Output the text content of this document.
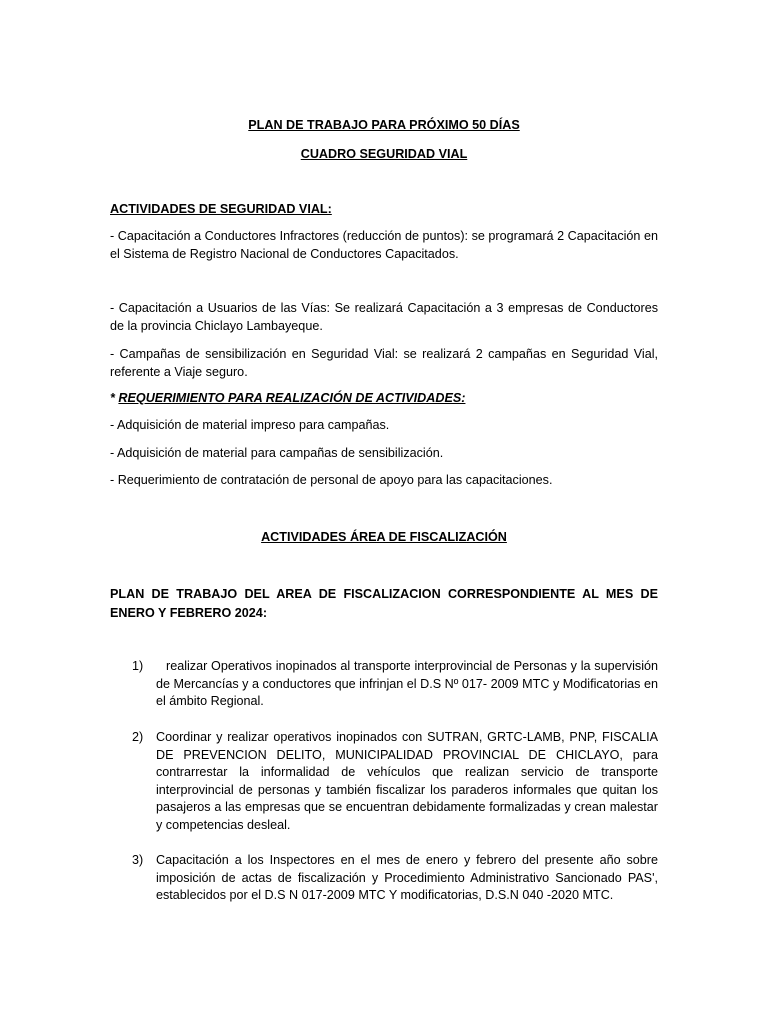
PLAN DE TRABAJO PARA PRÓXIMO 50 DÍAS
CUADRO SEGURIDAD VIAL
ACTIVIDADES DE SEGURIDAD VIAL:
- Capacitación a Conductores Infractores (reducción de puntos): se programará 2 Capacitación en el Sistema de Registro Nacional de Conductores Capacitados.
- Capacitación a Usuarios de las Vías: Se realizará Capacitación a 3 empresas de Conductores de la provincia Chiclayo Lambayeque.
- Campañas de sensibilización en Seguridad Vial: se realizará 2 campañas en Seguridad Vial, referente a Viaje seguro.
* REQUERIMIENTO PARA REALIZACIÓN DE ACTIVIDADES:
- Adquisición de material impreso para campañas.
- Adquisición de material para campañas de sensibilización.
- Requerimiento de contratación de personal de apoyo para las capacitaciones.
ACTIVIDADES ÁREA DE FISCALIZACIÓN
PLAN DE TRABAJO DEL AREA DE FISCALIZACION CORRESPONDIENTE AL MES DE ENERO Y FEBRERO 2024:
1)	realizar Operativos inopinados al transporte interprovincial de Personas y la supervisión de Mercancías y a conductores que infrinjan el D.S Nº 017- 2009 MTC y Modificatorias en el ámbito Regional.
2) Coordinar y realizar operativos inopinados con SUTRAN, GRTC-LAMB, PNP, FISCALIA DE PREVENCION DELITO, MUNICIPALIDAD PROVINCIAL DE CHICLAYO, para contrarrestar la informalidad de vehículos que realizan servicio de transporte interprovincial de personas y también fiscalizar los paraderos informales que quitan los pasajeros a las empresas que se encuentran debidamente formalizadas y crean malestar y competencias desleal.
3) Capacitación a los Inspectores en el mes de enero y febrero del presente año sobre imposición de actas de fiscalización y Procedimiento Administrativo Sancionado PAS', establecidos por el D.S N 017-2009 MTC Y modificatorias, D.S.N 040 -2020 MTC.
